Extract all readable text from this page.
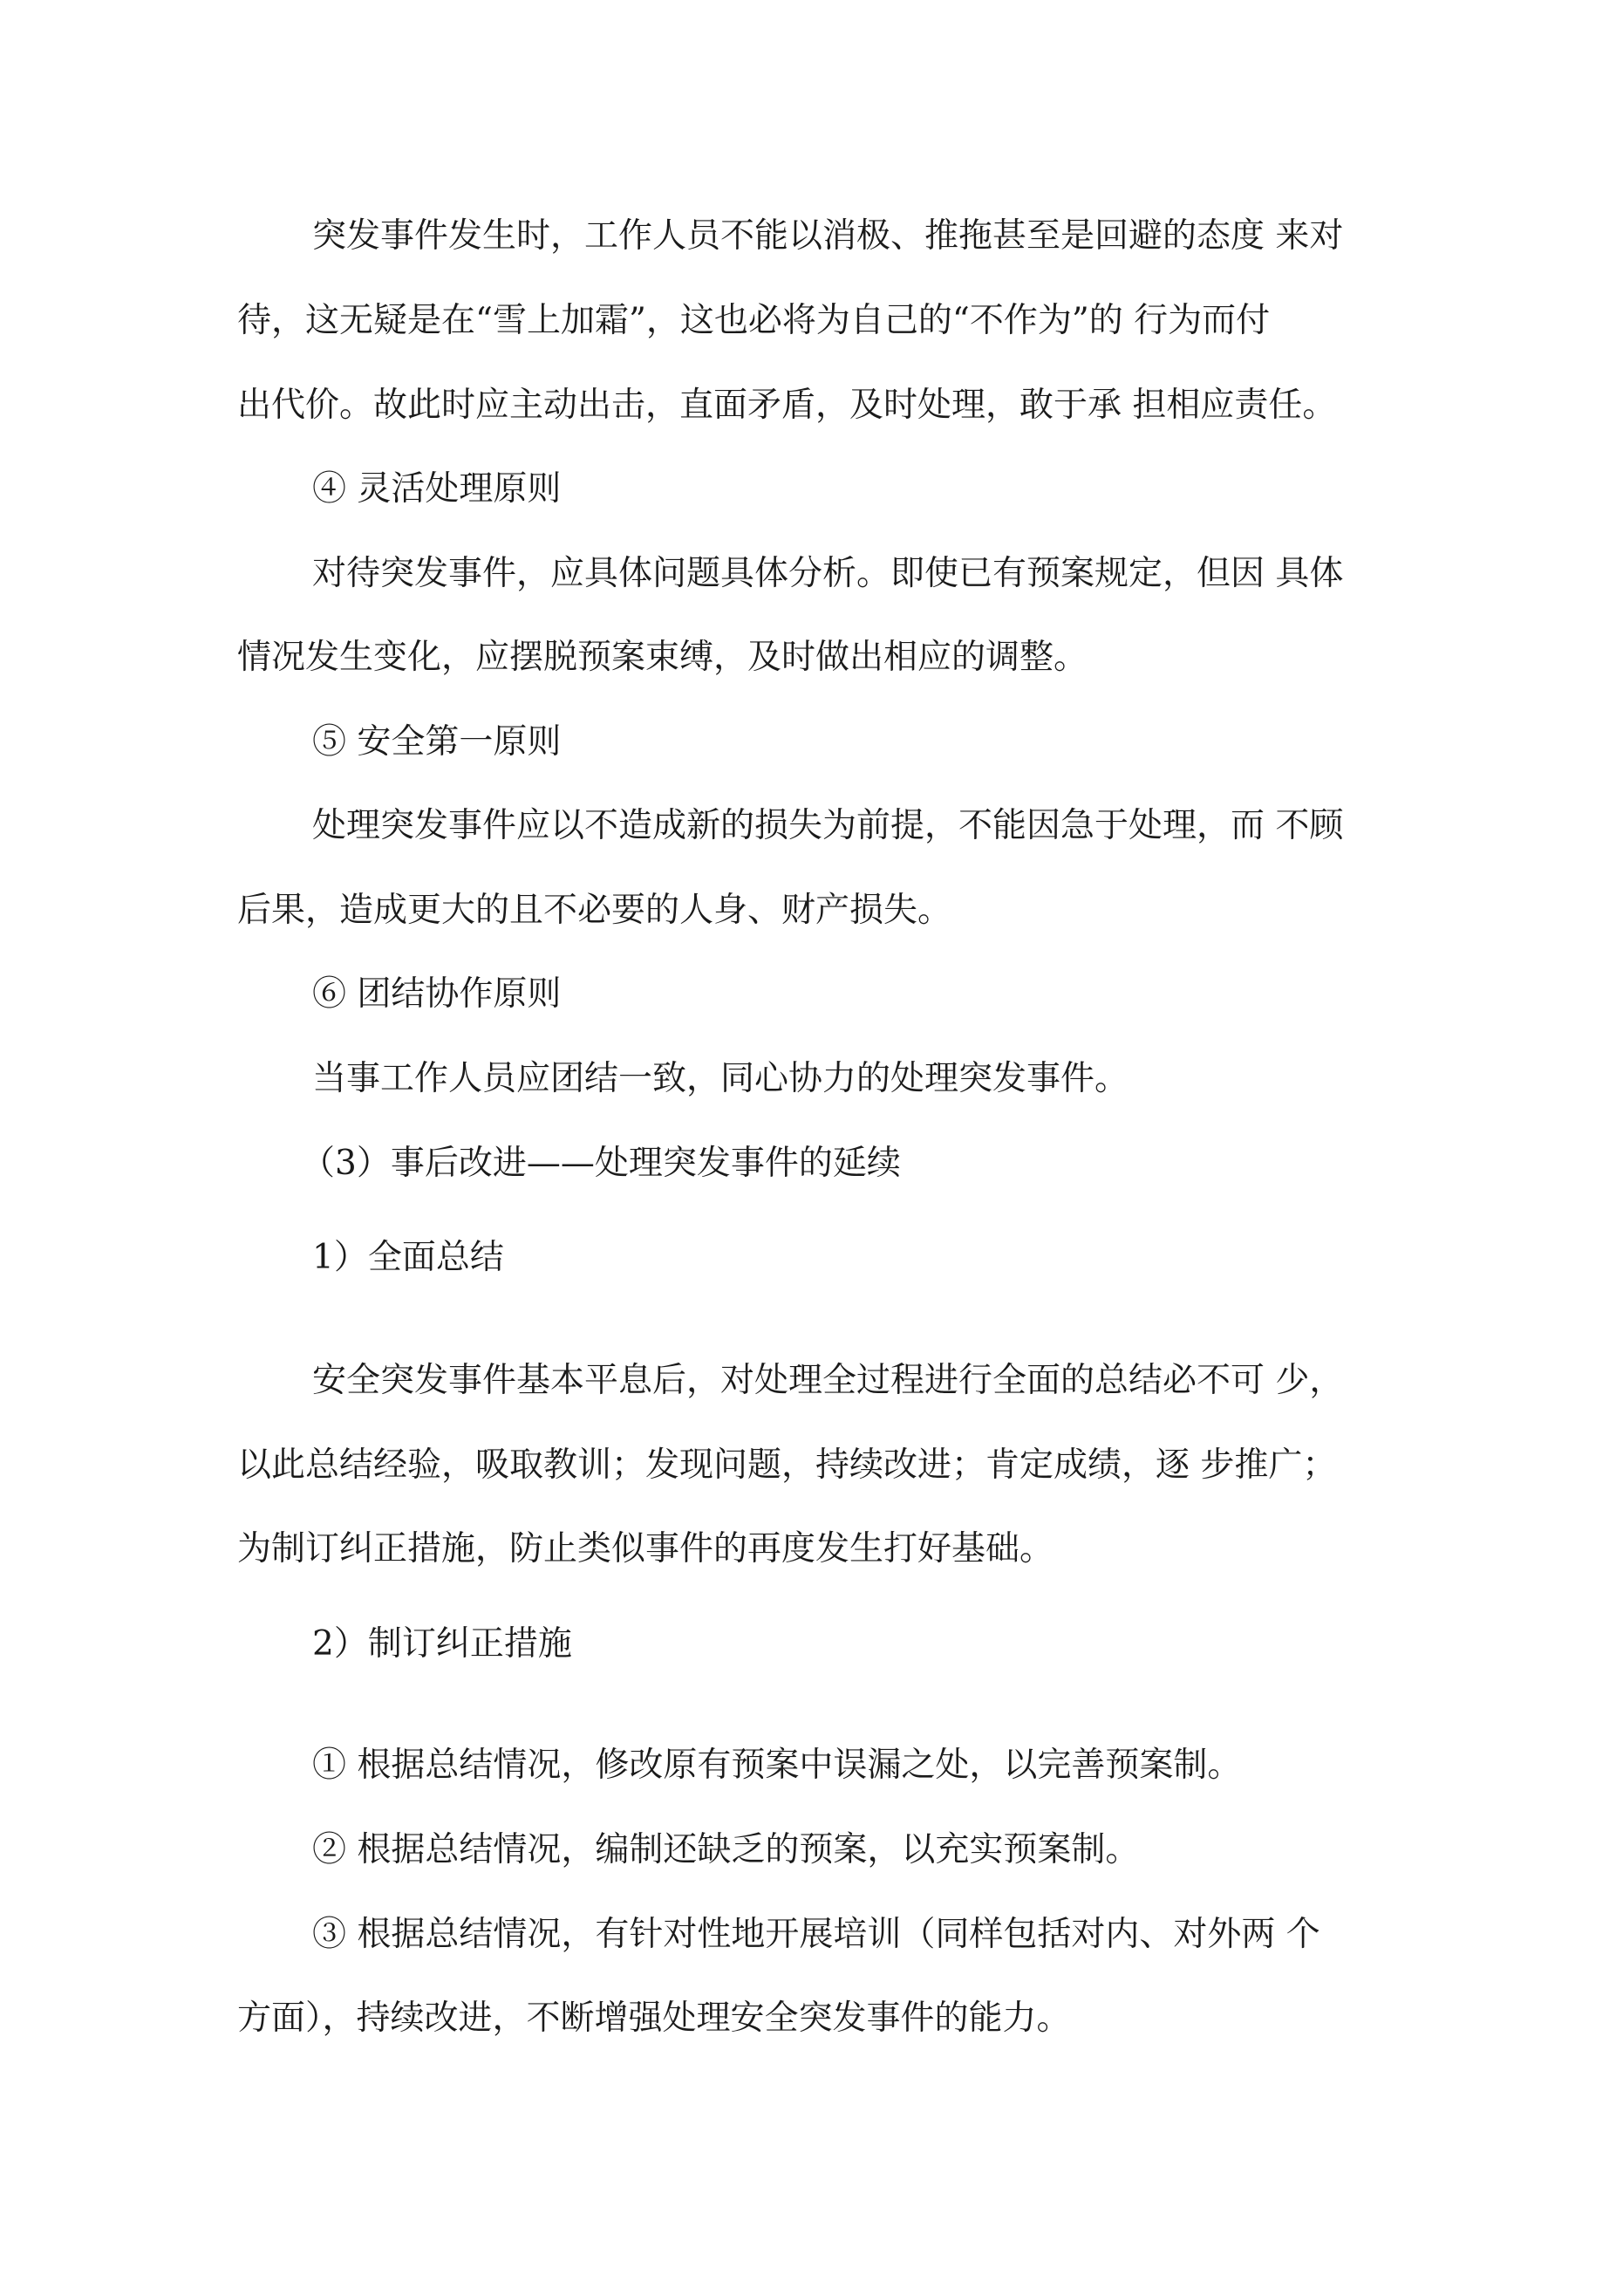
突发事件发生时，工作人员不能以消极、推拖甚至是回避的态度 来对
待，这无疑是在“雪上加霜”，这也必将为自己的“不作为”的 行为而付
出代价。故此时应主动出击，直面矛盾，及时处理，敢于承 担相应责任。
④ 灵活处理原则
对待突发事件，应具体问题具体分析。即使已有预案规定，但因 具体
情况发生变化，应摆脱预案束缚，及时做出相应的调整。
⑤ 安全第一原则
处理突发事件应以不造成新的损失为前提，不能因急于处理，而 不顾
后果，造成更大的且不必要的人身、财产损失。
⑥ 团结协作原则
当事工作人员应团结一致，同心协力的处理突发事件。
（3）事后改进——处理突发事件的延续
1）全面总结
安全突发事件基本平息后，对处理全过程进行全面的总结必不可 少，
以此总结经验，吸取教训；发现问题，持续改进；肯定成绩，逐 步推广；
为制订纠正措施，防止类似事件的再度发生打好基础。
2）制订纠正措施
① 根据总结情况，修改原有预案中误漏之处，以完善预案制。
② 根据总结情况，编制还缺乏的预案，以充实预案制。
③ 根据总结情况，有针对性地开展培训（同样包括对内、对外两 个
方面），持续改进，不断增强处理安全突发事件的能力。
